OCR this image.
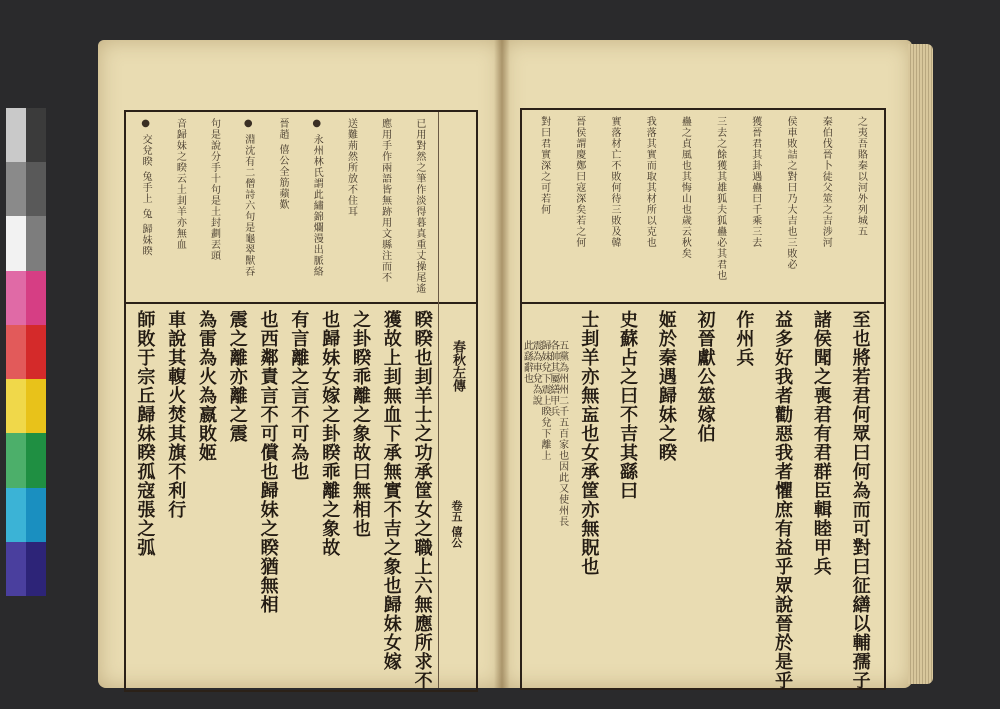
春秋左傳
卷五 僖公
已用對然之筆作淡得暮真重丈操尾遙
應用手作兩語皆無跡用文縣注而不
送難荊然所放不住耳
● 永州林氏謂此繡錦爛漫出脈絡
晉趙 僖公全筋蘋歎
● 淵沈有二僧詩六句是龜翠獸吞
句是說分手十句是土封劃丟頭
音歸妹之睽云土刲羊亦無血
● 交兌睽 兔手上 兔 歸妹睽
睽睽也刲羊士之功承筐女之職上六無應所求不
獲故上刲無血下承無實不吉之象也歸妹女嫁
之卦睽乖離之象故曰無相也
也歸妹女嫁之卦睽乖離之象故
有言離之言不可為也
也西鄰責言不可償也歸妹之睽猶無相
震之離亦離之震
為雷為火為嬴敗姬
車說其輹火焚其旗不利行
師敗于宗丘歸妹睽孤寇張之弧
之夷吾賂秦以河外列城五
秦伯伐晉卜徒父筮之吉涉河
侯車敗詰之對曰乃大吉也三敗必
獲晉君其卦遇蠱曰千乘三去
三去之餘獲其雄狐夫狐蠱必其君也
蠱之貞風也其悔山也歲云秋矣
我落其實而取其材所以克也
實落材亡不敗何待三敗及韓
晉侯謂慶鄭曰寇深矣若之何
對曰君實深之可若何
至也將若君何眾曰何為而可對曰征繕以輔孺子
諸侯聞之喪君有君群臣輯睦甲兵
益多好我者勸惡我者懼庶有益乎眾說晉於是乎
作州兵
初晉獻公筮嫁伯
姬於秦遇歸妹之睽
史蘇占之曰不吉其繇曰
士刲羊亦無衁也女承筐亦無貺也
五黨為州州二千五百家也因此又使州長
各帥其屬繕甲兵
歸妹兌下震上睽兌下離上
震為車兌為說
此繇辭也
